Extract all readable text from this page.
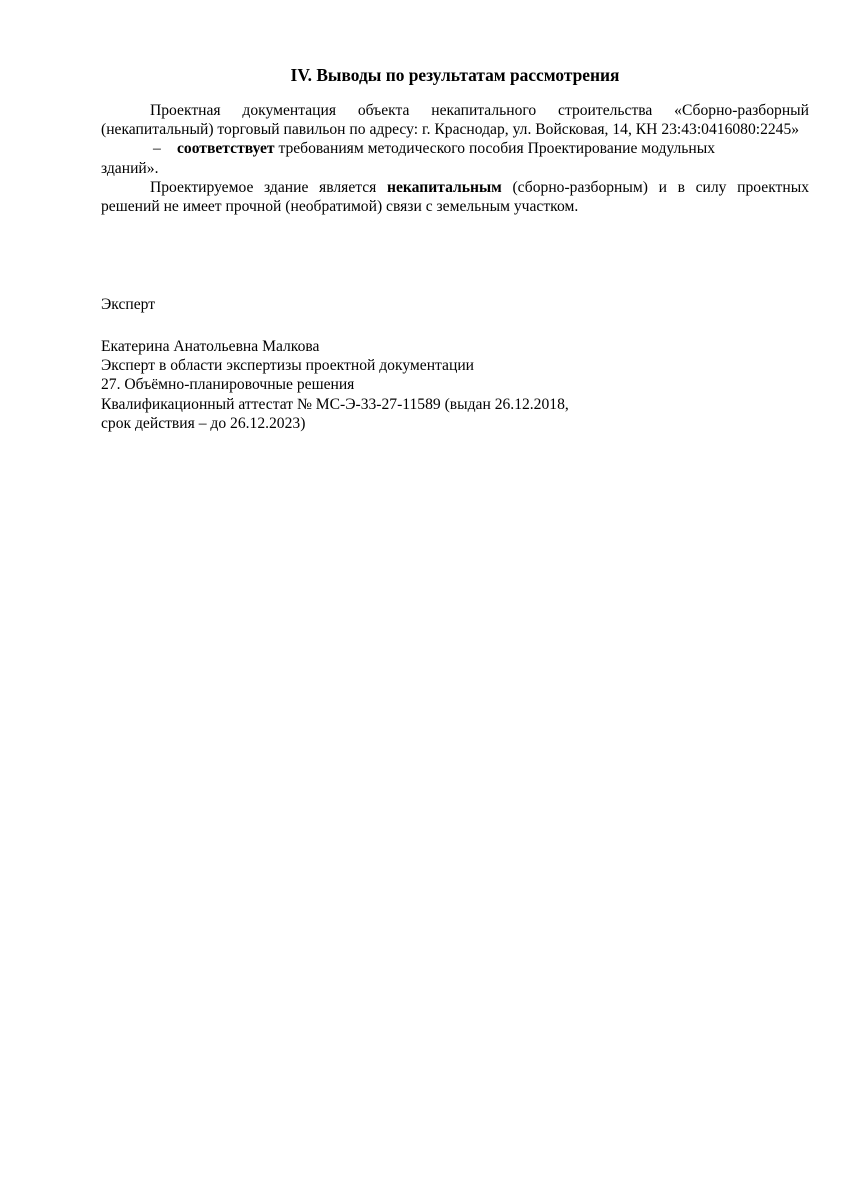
IV. Выводы по результатам рассмотрения

Проектная документация объекта некапитального строительства «Сборно-разборный (некапитальный) торговый павильон по адресу: г. Краснодар, ул. Войсковая, 14, КН 23:43:0416080:2245»

– соответствует требованиям методического пособия Проектирование модульных

зданий».

Проектируемое здание является некапитальным (сборно-разборным) и в силу проектных решений не имеет прочной (необратимой) связи с земельным участком.

Эксперт
Екатерина Анатольевна Малкова
Эксперт в области экспертизы проектной документации
27. Объёмно-планировочные решения
Квалификационный аттестат № МС-Э-33-27-11589 (выдан 26.12.2018,
срок действия – до 26.12.2023)
